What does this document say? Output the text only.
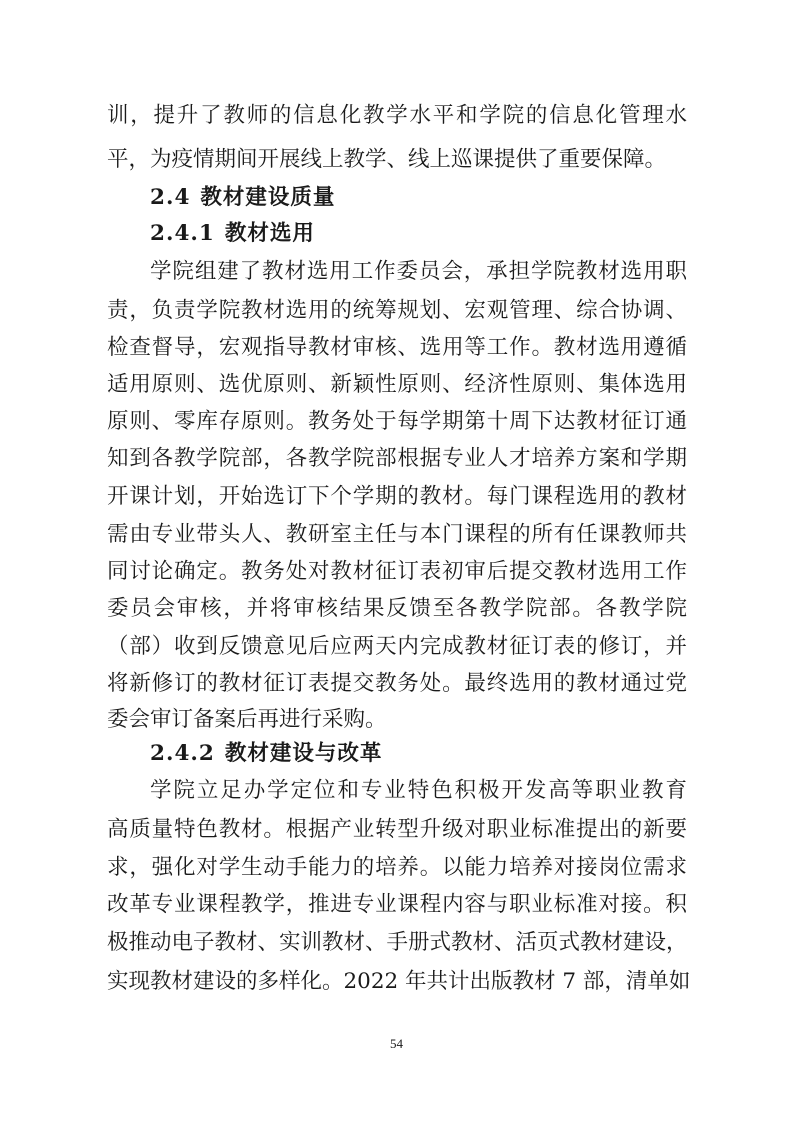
训，提升了教师的信息化教学水平和学院的信息化管理水
平，为疫情期间开展线上教学、线上巡课提供了重要保障。
2.4 教材建设质量
2.4.1 教材选用
学院组建了教材选用工作委员会，承担学院教材选用职
责，负责学院教材选用的统筹规划、宏观管理、综合协调、
检查督导，宏观指导教材审核、选用等工作。教材选用遵循
适用原则、选优原则、新颖性原则、经济性原则、集体选用
原则、零库存原则。教务处于每学期第十周下达教材征订通
知到各教学院部，各教学院部根据专业人才培养方案和学期
开课计划，开始选订下个学期的教材。每门课程选用的教材
需由专业带头人、教研室主任与本门课程的所有任课教师共
同讨论确定。教务处对教材征订表初审后提交教材选用工作
委员会审核，并将审核结果反馈至各教学院部。各教学院
（部）收到反馈意见后应两天内完成教材征订表的修订，并
将新修订的教材征订表提交教务处。最终选用的教材通过党
委会审订备案后再进行采购。
2.4.2 教材建设与改革
学院立足办学定位和专业特色积极开发高等职业教育
高质量特色教材。根据产业转型升级对职业标准提出的新要
求，强化对学生动手能力的培养。以能力培养对接岗位需求
改革专业课程教学，推进专业课程内容与职业标准对接。积
极推动电子教材、实训教材、手册式教材、活页式教材建设，
实现教材建设的多样化。2022 年共计出版教材 7 部，清单如
54
